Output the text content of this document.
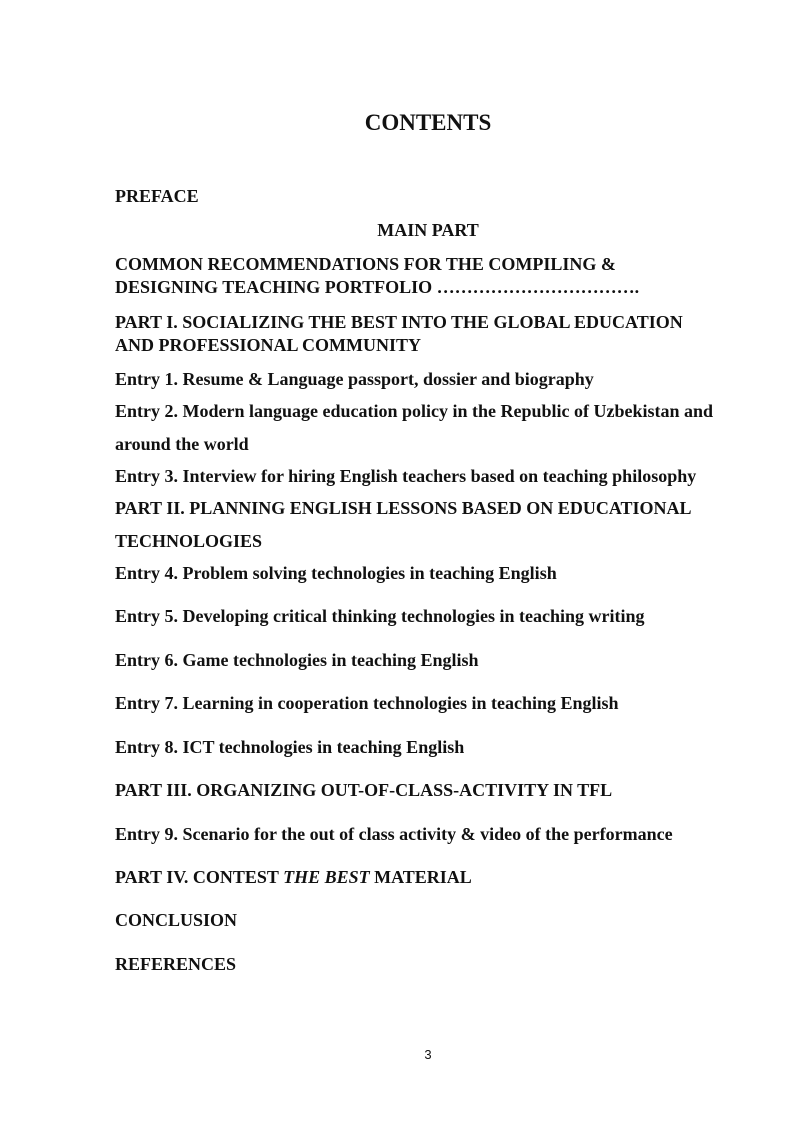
CONTENTS
PREFACE
MAIN PART
COMMON RECOMMENDATIONS FOR THE COMPILING &
DESIGNING TEACHING PORTFOLIO …………………………….
PART I. SOCIALIZING THE BEST INTO THE GLOBAL EDUCATION
AND PROFESSIONAL COMMUNITY
Entry 1. Resume & Language passport, dossier and biography
Entry 2. Modern language education policy in the Republic of Uzbekistan and
around the world
Entry 3. Interview for hiring English teachers based on teaching philosophy
PART II. PLANNING ENGLISH LESSONS BASED ON EDUCATIONAL
TECHNOLOGIES
Entry 4. Problem solving technologies in teaching English
Entry 5. Developing critical thinking technologies in teaching writing
Entry 6. Game technologies in teaching English
Entry 7. Learning in cooperation technologies in teaching English
Entry 8. ICT technologies in teaching English
PART III. ORGANIZING OUT-OF-CLASS-ACTIVITY IN TFL
Entry 9. Scenario for the out of class activity & video of the performance
PART IV. CONTEST THE BEST MATERIAL
CONCLUSION
REFERENCES
3
